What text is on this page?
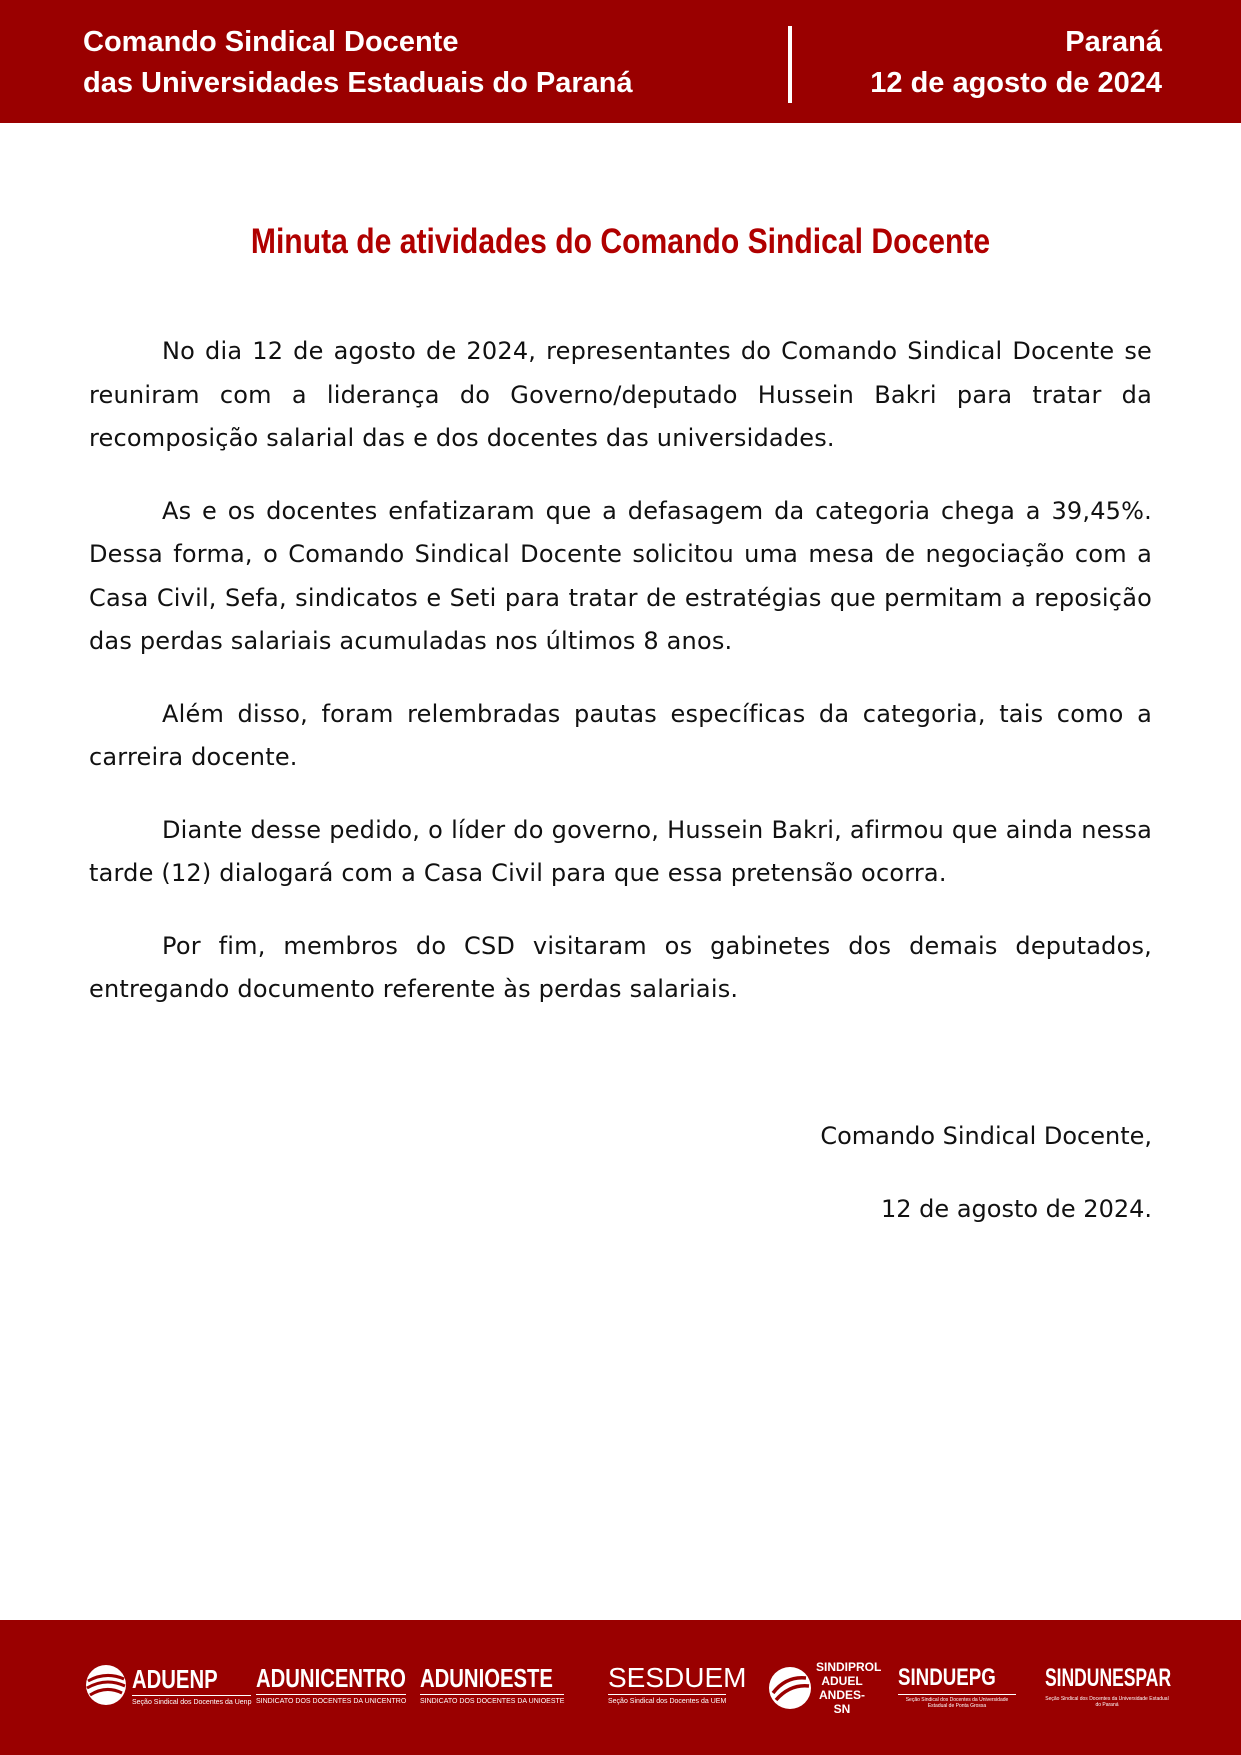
Comando Sindical Docente
das Universidades Estaduais do Paraná
Paraná
12 de agosto de 2024
Minuta de atividades do Comando Sindical Docente

No dia 12 de agosto de 2024, representantes do Comando Sindical Docente se reuniram com a liderança do Governo/deputado Hussein Bakri para tratar da recomposição salarial das e dos docentes das universidades.

As e os docentes enfatizaram que a defasagem da categoria chega a 39,45%. Dessa forma, o Comando Sindical Docente solicitou uma mesa de negociação com a Casa Civil, Sefa, sindicatos e Seti para tratar de estratégias que permitam a reposição das perdas salariais acumuladas nos últimos 8 anos.

Além disso, foram relembradas pautas específicas da categoria, tais como a carreira docente.

Diante desse pedido, o líder do governo, Hussein Bakri, afirmou que ainda nessa tarde (12) dialogará com a Casa Civil para que essa pretensão ocorra.

Por fim, membros do CSD visitaram os gabinetes dos demais deputados, entregando documento referente às perdas salariais.

Comando Sindical Docente,
12 de agosto de 2024.
ADUENP
Seção Sindical dos Docentes da Uenp
ADUNICENTRO
SINDICATO DOS DOCENTES DA UNICENTRO
ADUNIOESTE
SINDICATO DOS DOCENTES DA UNIOESTE
SESDUEM
Seção Sindical dos Docentes da UEM
SINDIPROL ADUEL ANDES-SN
SINDUEPG
Seção Sindical dos Docentes da Universidade Estadual de Ponta Grossa
SINDUNESPAR
Seção Sindical dos Docentes da Universidade Estadual do Paraná
